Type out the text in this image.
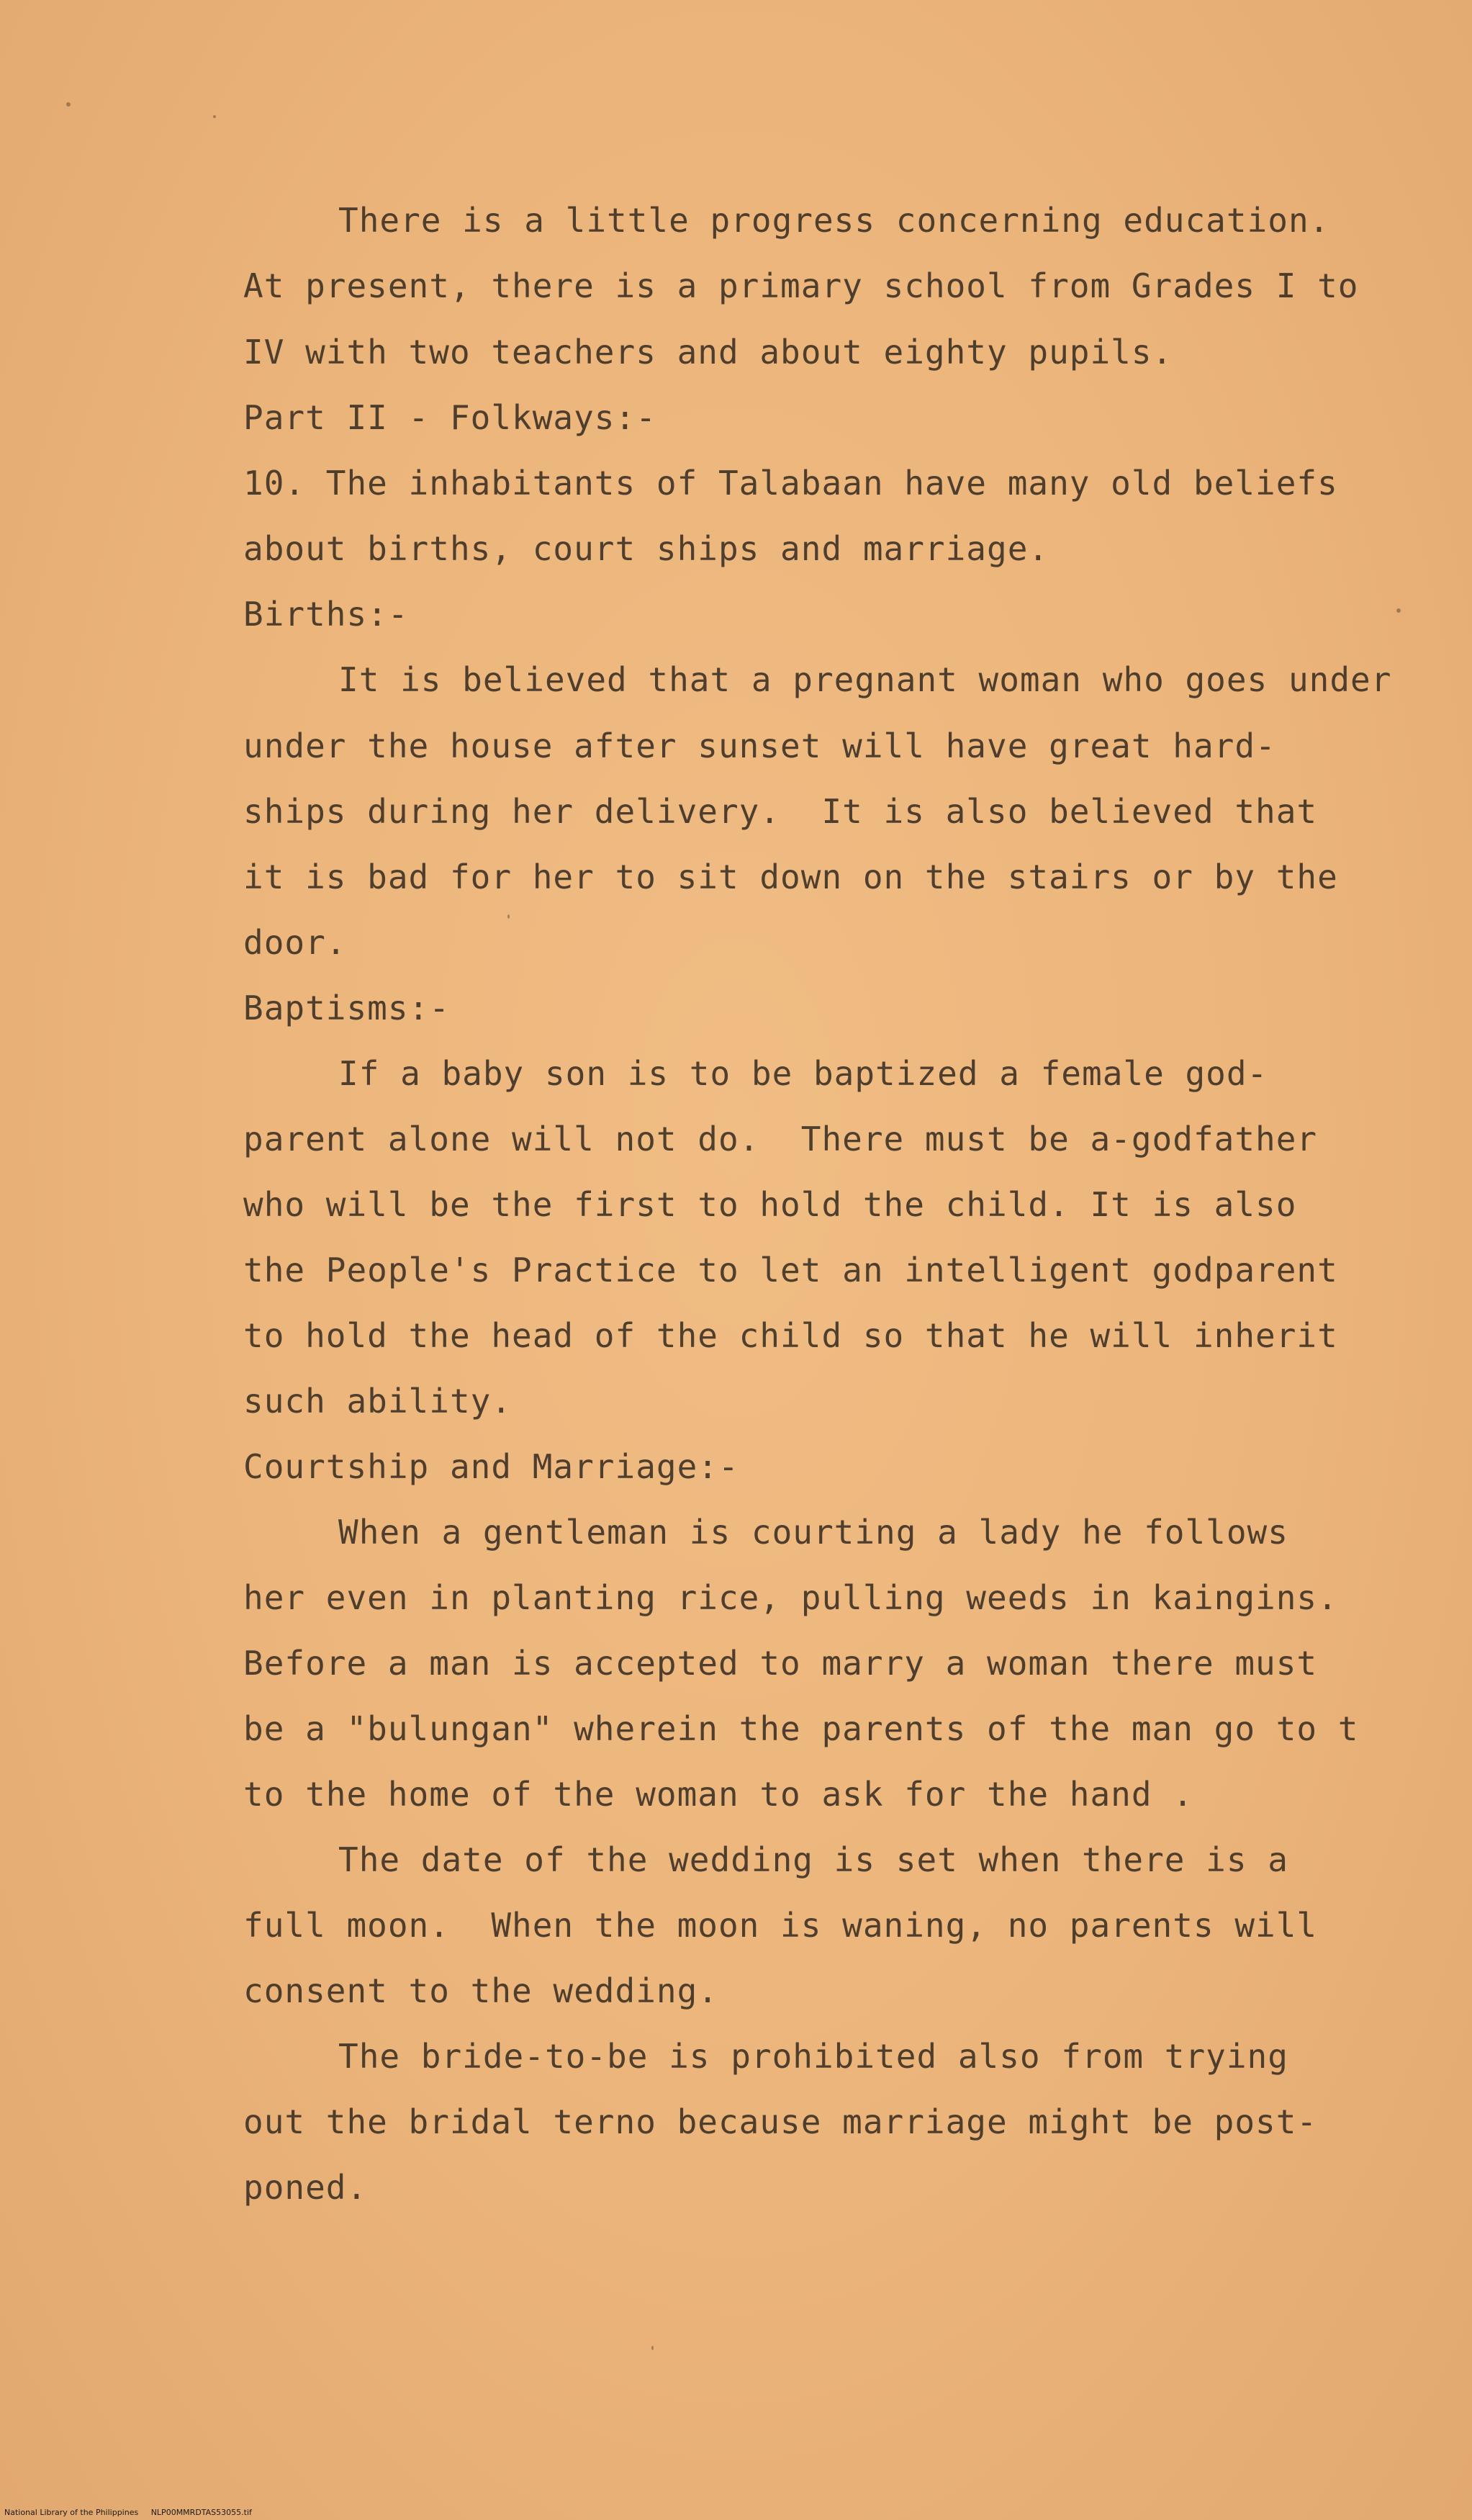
There is a little progress concerning education.
At present, there is a primary school from Grades I to
IV with two teachers and about eighty pupils.
Part II - Folkways:-
10. The inhabitants of Talabaan have many old beliefs
about births, court ships and marriage.
Births:-
It is believed that a pregnant woman who goes under
under the house after sunset will have great hard-
ships during her delivery.  It is also believed that
it is bad for her to sit down on the stairs or by the
door.
Baptisms:-
If a baby son is to be baptized a female god-
parent alone will not do.  There must be a-godfather
who will be the first to hold the child. It is also
the People's Practice to let an intelligent godparent
to hold the head of the child so that he will inherit
such ability.
Courtship and Marriage:-
When a gentleman is courting a lady he follows
her even in planting rice, pulling weeds in kaingins.
Before a man is accepted to marry a woman there must
be a "bulungan" wherein the parents of the man go to t
to the home of the woman to ask for the hand .
The date of the wedding is set when there is a
full moon.  When the moon is waning, no parents will
consent to the wedding.
The bride-to-be is prohibited also from trying
out the bridal terno because marriage might be post-
poned.
National Library of the Philippines NLP00MMRDTAS53055.tif
